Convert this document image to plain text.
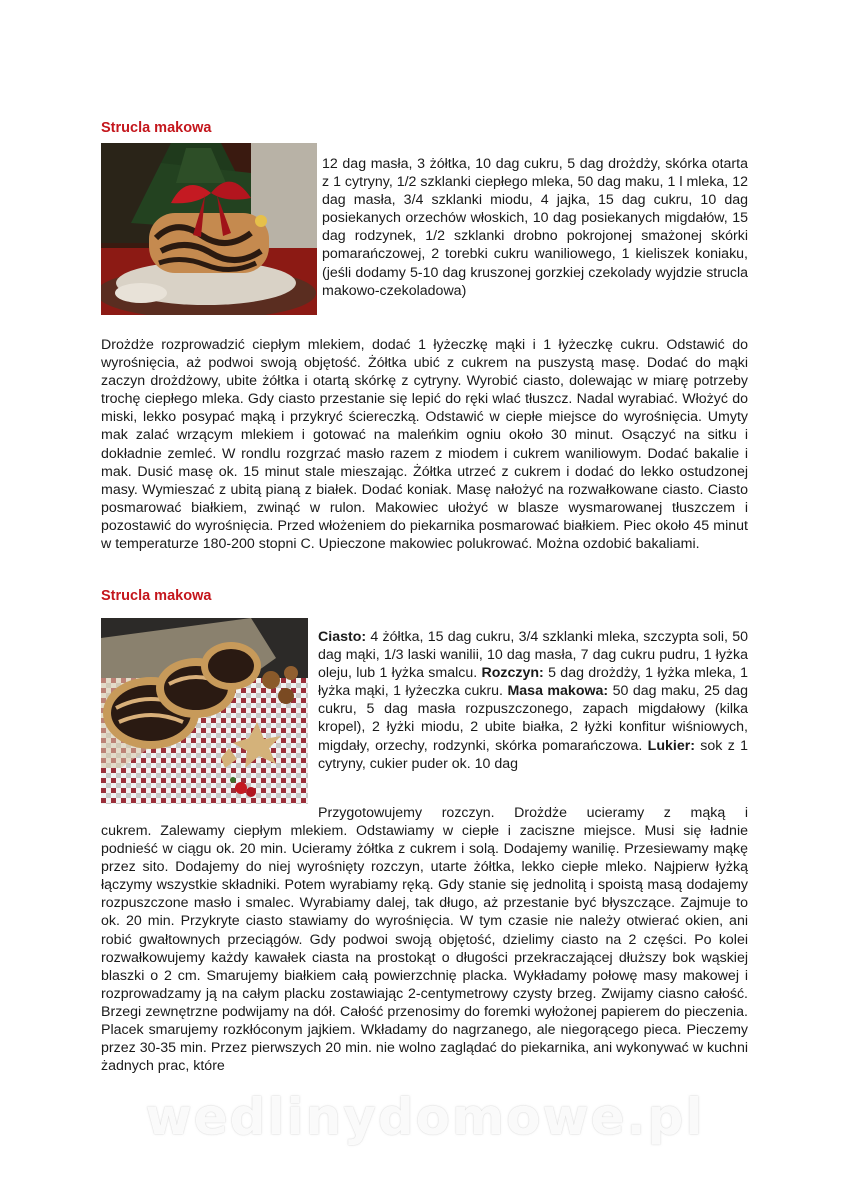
Strucla makowa

12 dag masła, 3 żółtka, 10 dag cukru, 5 dag drożdży, skórka otarta z 1 cytryny, 1/2 szklanki ciepłego mleka, 50 dag maku, 1 l mleka, 12 dag masła, 3/4 szklanki miodu, 4 jajka, 15 dag cukru, 10 dag posiekanych orzechów włoskich, 10 dag posiekanych migdałów, 15 dag rodzynek, 1/2 szklanki drobno pokrojonej smażonej skórki pomarańczowej, 2 torebki cukru waniliowego, 1 kieliszek koniaku, (jeśli dodamy 5-10 dag kruszonej gorzkiej czekolady wyjdzie strucla makowo-czekoladowa)

Drożdże rozprowadzić ciepłym mlekiem, dodać 1 łyżeczkę mąki i 1 łyżeczkę cukru. Odstawić do wyrośnięcia, aż podwoi swoją objętość. Żółtka ubić z cukrem na puszystą masę. Dodać do mąki zaczyn drożdżowy, ubite żółtka i otartą skórkę z cytryny. Wyrobić ciasto, dolewając w miarę potrzeby trochę ciepłego mleka. Gdy ciasto przestanie się lepić do ręki wlać tłuszcz. Nadal wyrabiać. Włożyć do miski, lekko posypać mąką i przykryć ściereczką. Odstawić w ciepłe miejsce do wyrośnięcia. Umyty mak zalać wrzącym mlekiem i gotować na maleńkim ogniu około 30 minut. Osączyć na sitku i dokładnie zemleć. W rondlu rozgrzać masło razem z miodem i cukrem waniliowym. Dodać bakalie i mak. Dusić masę ok. 15 minut stale mieszając. Żółtka utrzeć z cukrem i dodać do lekko ostudzonej masy. Wymieszać z ubitą pianą z białek. Dodać koniak. Masę nałożyć na rozwałkowane ciasto. Ciasto posmarować białkiem, zwinąć w rulon. Makowiec ułożyć w blasze wysmarowanej tłuszczem i pozostawić do wyrośnięcia. Przed włożeniem do piekarnika posmarować białkiem. Piec około 45 minut w temperaturze 180-200 stopni C. Upieczone makowiec polukrować. Można ozdobić bakaliami.

Strucla makowa

Ciasto: 4 żółtka, 15 dag cukru, 3/4 szklanki mleka, szczypta soli, 50 dag mąki, 1/3 laski wanilii, 10 dag masła, 7 dag cukru pudru, 1 łyżka oleju, lub 1 łyżka smalcu. Rozczyn: 5 dag drożdży, 1 łyżka mleka, 1 łyżka mąki, 1 łyżeczka cukru. Masa makowa: 50 dag maku, 25 dag cukru, 5 dag masła rozpuszczonego, zapach migdałowy (kilka kropel), 2 łyżki miodu, 2 ubite białka, 2 łyżki konfitur wiśniowych, migdały, orzechy, rodzynki, skórka pomarańczowa. Lukier: sok z 1 cytryny, cukier puder ok. 10 dag

Przygotowujemy rozczyn. Drożdże ucieramy z mąką i

cukrem. Zalewamy ciepłym mlekiem. Odstawiamy w ciepłe i zaciszne miejsce. Musi się ładnie podnieść w ciągu ok. 20 min. Ucieramy żółtka z cukrem i solą. Dodajemy wanilię. Przesiewamy mąkę przez sito. Dodajemy do niej wyrośnięty rozczyn, utarte żółtka, lekko ciepłe mleko. Najpierw łyżką łączymy wszystkie składniki. Potem wyrabiamy ręką. Gdy stanie się jednolitą i spoistą masą dodajemy rozpuszczone masło i smalec. Wyrabiamy dalej, tak długo, aż przestanie być błyszczące. Zajmuje to ok. 20 min. Przykryte ciasto stawiamy do wyrośnięcia. W tym czasie nie należy otwierać okien, ani robić gwałtownych przeciągów. Gdy podwoi swoją objętość, dzielimy ciasto na 2 części. Po kolei rozwałkowujemy każdy kawałek ciasta na prostokąt o długości przekraczającej dłuższy bok wąskiej blaszki o 2 cm. Smarujemy białkiem całą powierzchnię placka. Wykładamy połowę masy makowej i rozprowadzamy ją na całym placku zostawiając 2-centymetrowy czysty brzeg. Zwijamy ciasno całość. Brzegi zewnętrzne podwijamy na dół. Całość przenosimy do foremki wyłożonej papierem do pieczenia. Placek smarujemy rozkłóconym jajkiem. Wkładamy do nagrzanego, ale niegorącego pieca. Pieczemy przez 30-35 min. Przez pierwszych 20 min. nie wolno zaglądać do piekarnika, ani wykonywać w kuchni żadnych prac, które

wedlinydomowe.pl
